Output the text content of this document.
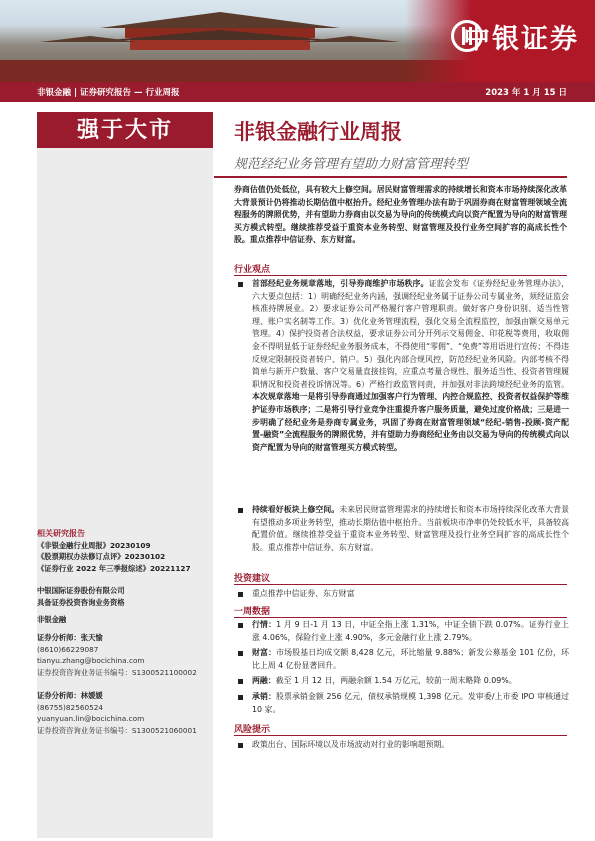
中银证券
非银金融 | 证券研究报告 — 行业周报	2023 年 1 月 15 日
强于大市
相关研究报告
《非银金融行业周报》20230109
《股票期权办法修订点评》20230102
《证券行业 2022 年三季报综述》20221127
中银国际证券股份有限公司
具备证券投资咨询业务资格
非银金融
证券分析师：张天愉
(8610)66229087
tianyu.zhang@bocichina.com
证券投资咨询业务证书编号：S1300521100002
证券分析师：林媛媛
(86755)82560524
yuanyuan.lin@bocichina.com
证券投资咨询业务证书编号：S1300521060001
非银金融行业周报
规范经纪业务管理有望助力财富管理转型

券商估值仍处低位，具有较大上修空间。居民财富管理需求的持续增长和资本市场持续深化改革大背景预计仍将推动长期估值中枢抬升。经纪业务管理办法有助于巩固券商在财富管理领域全流程服务的牌照优势，并有望助力券商由以交易为导向的传统模式向以资产配置为导向的财富管理买方模式转型。继续推荐受益于重资本业务转型、财富管理及投行业务空间扩容的高成长性个股。重点推荐中信证券、东方财富。

行业观点

首部经纪业务规章落地，引导券商维护市场秩序。证监会发布《证券经纪业务管理办法》，六大要点包括：1）明确经纪业务内涵，强调经纪业务属于证券公司专属业务，须经证监会核准持牌展业。2）要求证券公司严格履行客户管理职责。做好客户身份识别、适当性管理、账户实名制等工作。3）优化业务管理流程，强化交易全流程监控，加强由额交易单元管理。4）保护投资者合法权益，要求证券公司分开列示交易佣金、印花税等费用，收取佣金不得明显低于证券经纪业务服务成本，不得使用“零佣”、“免费”等用语进行宣传；不得违反规定限制投资者转户、销户。5）强化内部合规风控，防范经纪业务风险。内部考核不得简单与新开户数量、客户交易量直接挂钩，应重点考量合规性、服务适当性、投资者管理履职情况和投资者投诉情况等。6）严格行政监管问责，并加强对非法跨境经纪业务的监管。本次规章落地一是将引导券商通过加强客户行为管理、内控合规监控、投资者权益保护等维护证券市场秩序；二是将引导行业竞争注重提升客户服务质量，避免过度价格战；三是进一步明确了经纪业务是券商专属业务，巩固了券商在财富管理领域“经纪-销售-投顾-资产配置-融资”全流程服务的牌照优势，并有望助力券商经纪业务由以交易为导向的传统模式向以资产配置为导向的财富管理买方模式转型。

持续看好板块上修空间。未来居民财富管理需求的持续增长和资本市场持续深化改革大背景有望推动多项业务转型，推动长期估值中枢抬升。当前板块市净率仍处较低水平，具备较高配置价值。继续推荐受益于重资本业务转型、财富管理及投行业务空间扩容的高成长性个股。重点推荐中信证券、东方财富。

投资建议

重点推荐中信证券、东方财富

一周数据

行情：1 月 9 日-1 月 13 日，中证全指上涨 1.31%，中证全债下跌 0.07%。证券行业上涨 4.06%，保险行业上涨 4.90%，多元金融行业上涨 2.79%。

财富：市场股基日均成交额 8,428 亿元，环比缩量 9.88%；新发公募基金 101 亿份，环比上周 4 亿份显著回升。

两融：截至 1 月 12 日，两融余额 1.54 万亿元，较前一周末略降 0.09%。

承销：股票承销金额 256 亿元，债权承销规模 1,398 亿元。发审委/上市委 IPO 审核通过 10 家。

风险提示

政策出台、国际环境以及市场波动对行业的影响超预期。
